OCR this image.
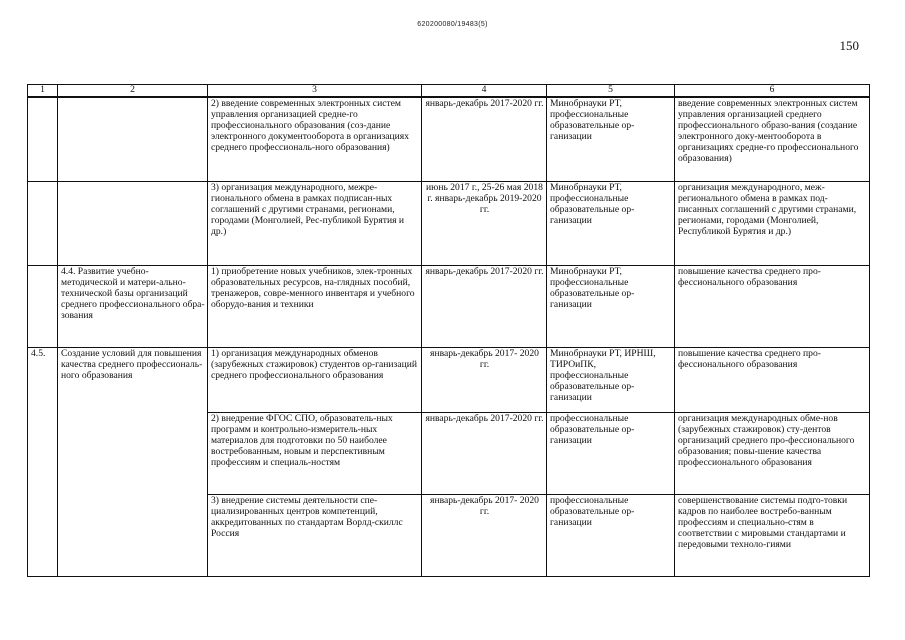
620200080/19483(5)
150
1	2	3	4	5	6
		2) введение современных электронных систем управления организацией средне-го профессионального образования (соз-дание электронного документооборота в организациях среднего профессиональ-ного образования)	январь-декабрь 2017-2020 гг.	Минобрнауки РТ, профессиональные образовательные ор-ганизации	введение современных электронных систем управления организацией среднего профессионального образо-вания (создание электронного доку-ментооборота в организациях средне-го профессионального образования)
		3) организация международного, межре-гионального обмена в рамках подписан-ных соглашений с другими странами, регионами, городами (Монголией, Рес-публикой Бурятия и др.)	июнь 2017 г., 25-26 мая 2018 г. январь-декабрь 2019-2020 гг.	Минобрнауки РТ, профессиональные образовательные ор-ганизации	организация международного, меж-регионального обмена в рамках под-писанных соглашений с другими странами, регионами, городами (Монголией, Республикой Бурятия и др.)
	4.4. Развитие учебно-методической и матери-ально-технической базы организаций среднего профессионального обра-зования	1) приобретение новых учебников, элек-тронных образовательных ресурсов, на-глядных пособий, тренажеров, совре-менного инвентаря и учебного оборудо-вания и техники	январь-декабрь 2017-2020 гг.	Минобрнауки РТ, профессиональные образовательные ор-ганизации	повышение качества среднего про-фессионального образования
4.5.	Создание условий для повышения качества среднего профессиональ-ного образования	1) организация международных обменов (зарубежных стажировок) студентов ор-ганизаций среднего профессионального образования	январь-декабрь 2017- 2020 гг.	Минобрнауки РТ, ИРНШ, ТИРОиПК, профессиональные образовательные ор-ганизации	повышение качества среднего про-фессионального образования
		2) внедрение ФГОС СПО, образователь-ных программ и контрольно-измеритель-ных материалов для подготовки по 50 наиболее востребованным, новым и перспективным профессиям и специаль-ностям	январь-декабрь 2017-2020 гг.	профессиональные образовательные ор-ганизации	организация международных обме-нов (зарубежных стажировок) сту-дентов организаций среднего про-фессионального образования; повы-шение качества профессионального образования
		3) внедрение системы деятельности спе-циализированных центров компетенций, аккредитованных по стандартам Ворлд-скиллс Россия	январь-декабрь 2017- 2020 гг.	профессиональные образовательные ор-ганизации	совершенствование системы подго-товки кадров по наиболее востребо-ванным профессиям и специально-стям в соответствии с мировыми стандартами и передовыми техноло-гиями
